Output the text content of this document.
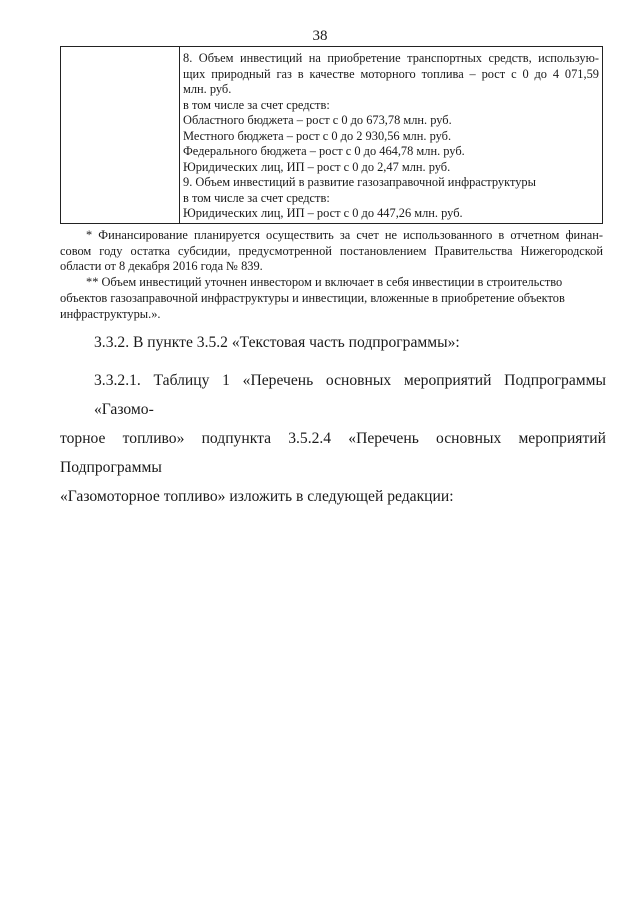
38

8. Объем инвестиций на приобретение транспортных средств, использую-
щих природный газ в качестве моторного топлива – рост с 0 до 4 071,59
млн. руб.
в том числе за счет средств:
Областного бюджета – рост с 0 до 673,78 млн. руб.
Местного бюджета – рост с 0 до 2 930,56 млн. руб.
Федерального бюджета – рост с 0 до 464,78 млн. руб.
Юридических лиц, ИП – рост с 0 до 2,47 млн. руб.
9. Объем инвестиций в развитие газозаправочной инфраструктуры
в том числе за счет средств:
Юридических лиц, ИП – рост с 0 до 447,26 млн. руб.
* Финансирование планируется осуществить за счет не использованного в отчетном финан-
совом году остатка субсидии, предусмотренной постановлением Правительства Нижегородской
области от 8 декабря 2016 года № 839.
** Объем инвестиций уточнен инвестором и включает в себя инвестиции в строительство
объектов газозаправочной инфраструктуры и инвестиции, вложенные в приобретение объектов
инфраструктуры.».
3.3.2. В пункте 3.5.2 «Текстовая часть подпрограммы»:
3.3.2.1. Таблицу 1 «Перечень основных мероприятий Подпрограммы «Газомо-
торное топливо» подпункта 3.5.2.4 «Перечень основных мероприятий Подпрограммы
«Газомоторное топливо» изложить в следующей редакции:
